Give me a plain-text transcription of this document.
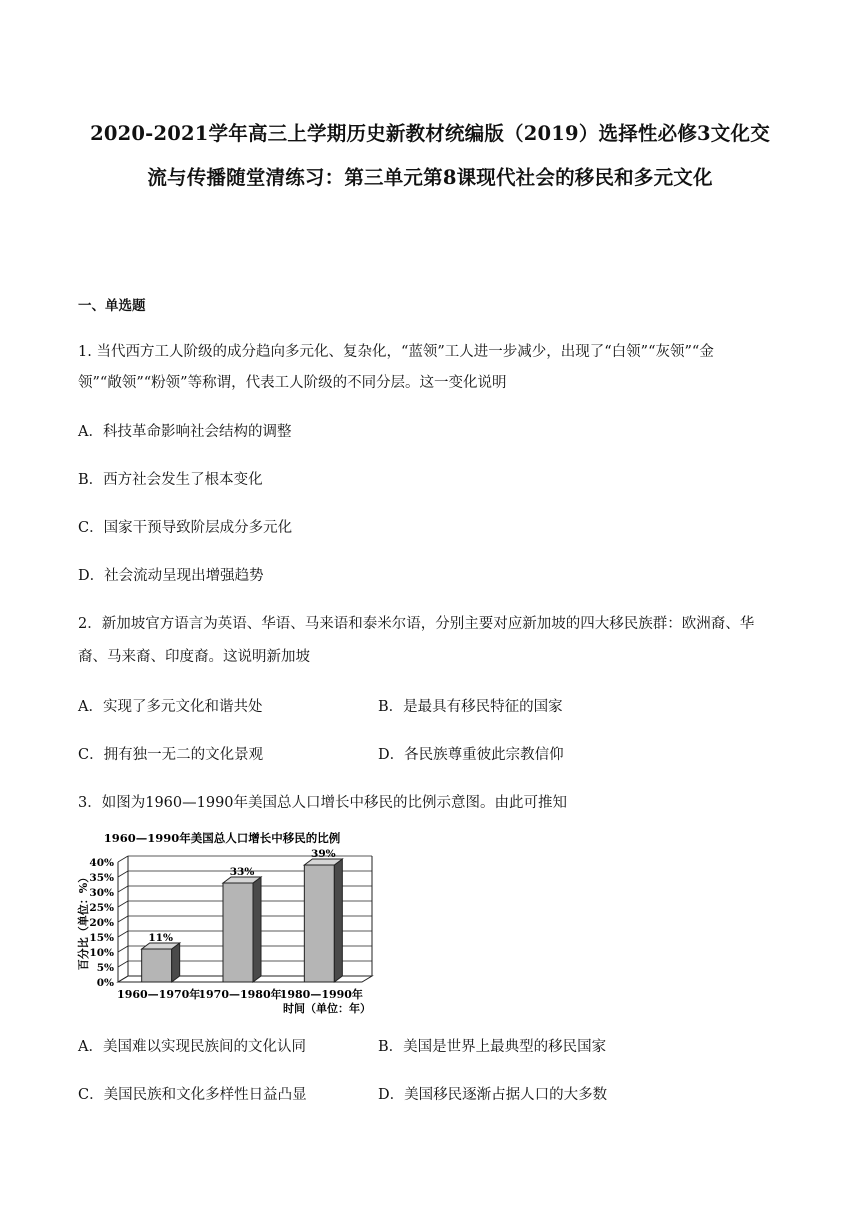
2020-2021学年高三上学期历史新教材统编版（2019）选择性必修3文化交
流与传播随堂清练习：第三单元第8课现代社会的移民和多元文化
一、单选题
1. 当代西方工人阶级的成分趋向多元化、复杂化，“蓝领”工人进一步减少，出现了“白领”“灰领”“金
领”“敞领”“粉领”等称谓，代表工人阶级的不同分层。这一变化说明
A．科技革命影响社会结构的调整
B．西方社会发生了根本变化
C．国家干预导致阶层成分多元化
D．社会流动呈现出增强趋势
2．新加坡官方语言为英语、华语、马来语和泰米尔语，分别主要对应新加坡的四大移民族群：欧洲裔、华
裔、马来裔、印度裔。这说明新加坡
A．实现了多元文化和谐共处	B．是最具有移民特征的国家
C．拥有独一无二的文化景观	D．各民族尊重彼此宗教信仰
3．如图为1960—1990年美国总人口增长中移民的比例示意图。由此可推知
1960—1990年美国总人口增长中移民的比例
百分比（单位：%）
0%
5%
10%
15%
20%
25%
30%
35%
40%
11%
33%
39%
1960—1970年
1970—1980年
1980—1990年
时间（单位：年）
A．美国难以实现民族间的文化认同	B．美国是世界上最典型的移民国家
C．美国民族和文化多样性日益凸显	D．美国移民逐渐占据人口的大多数
